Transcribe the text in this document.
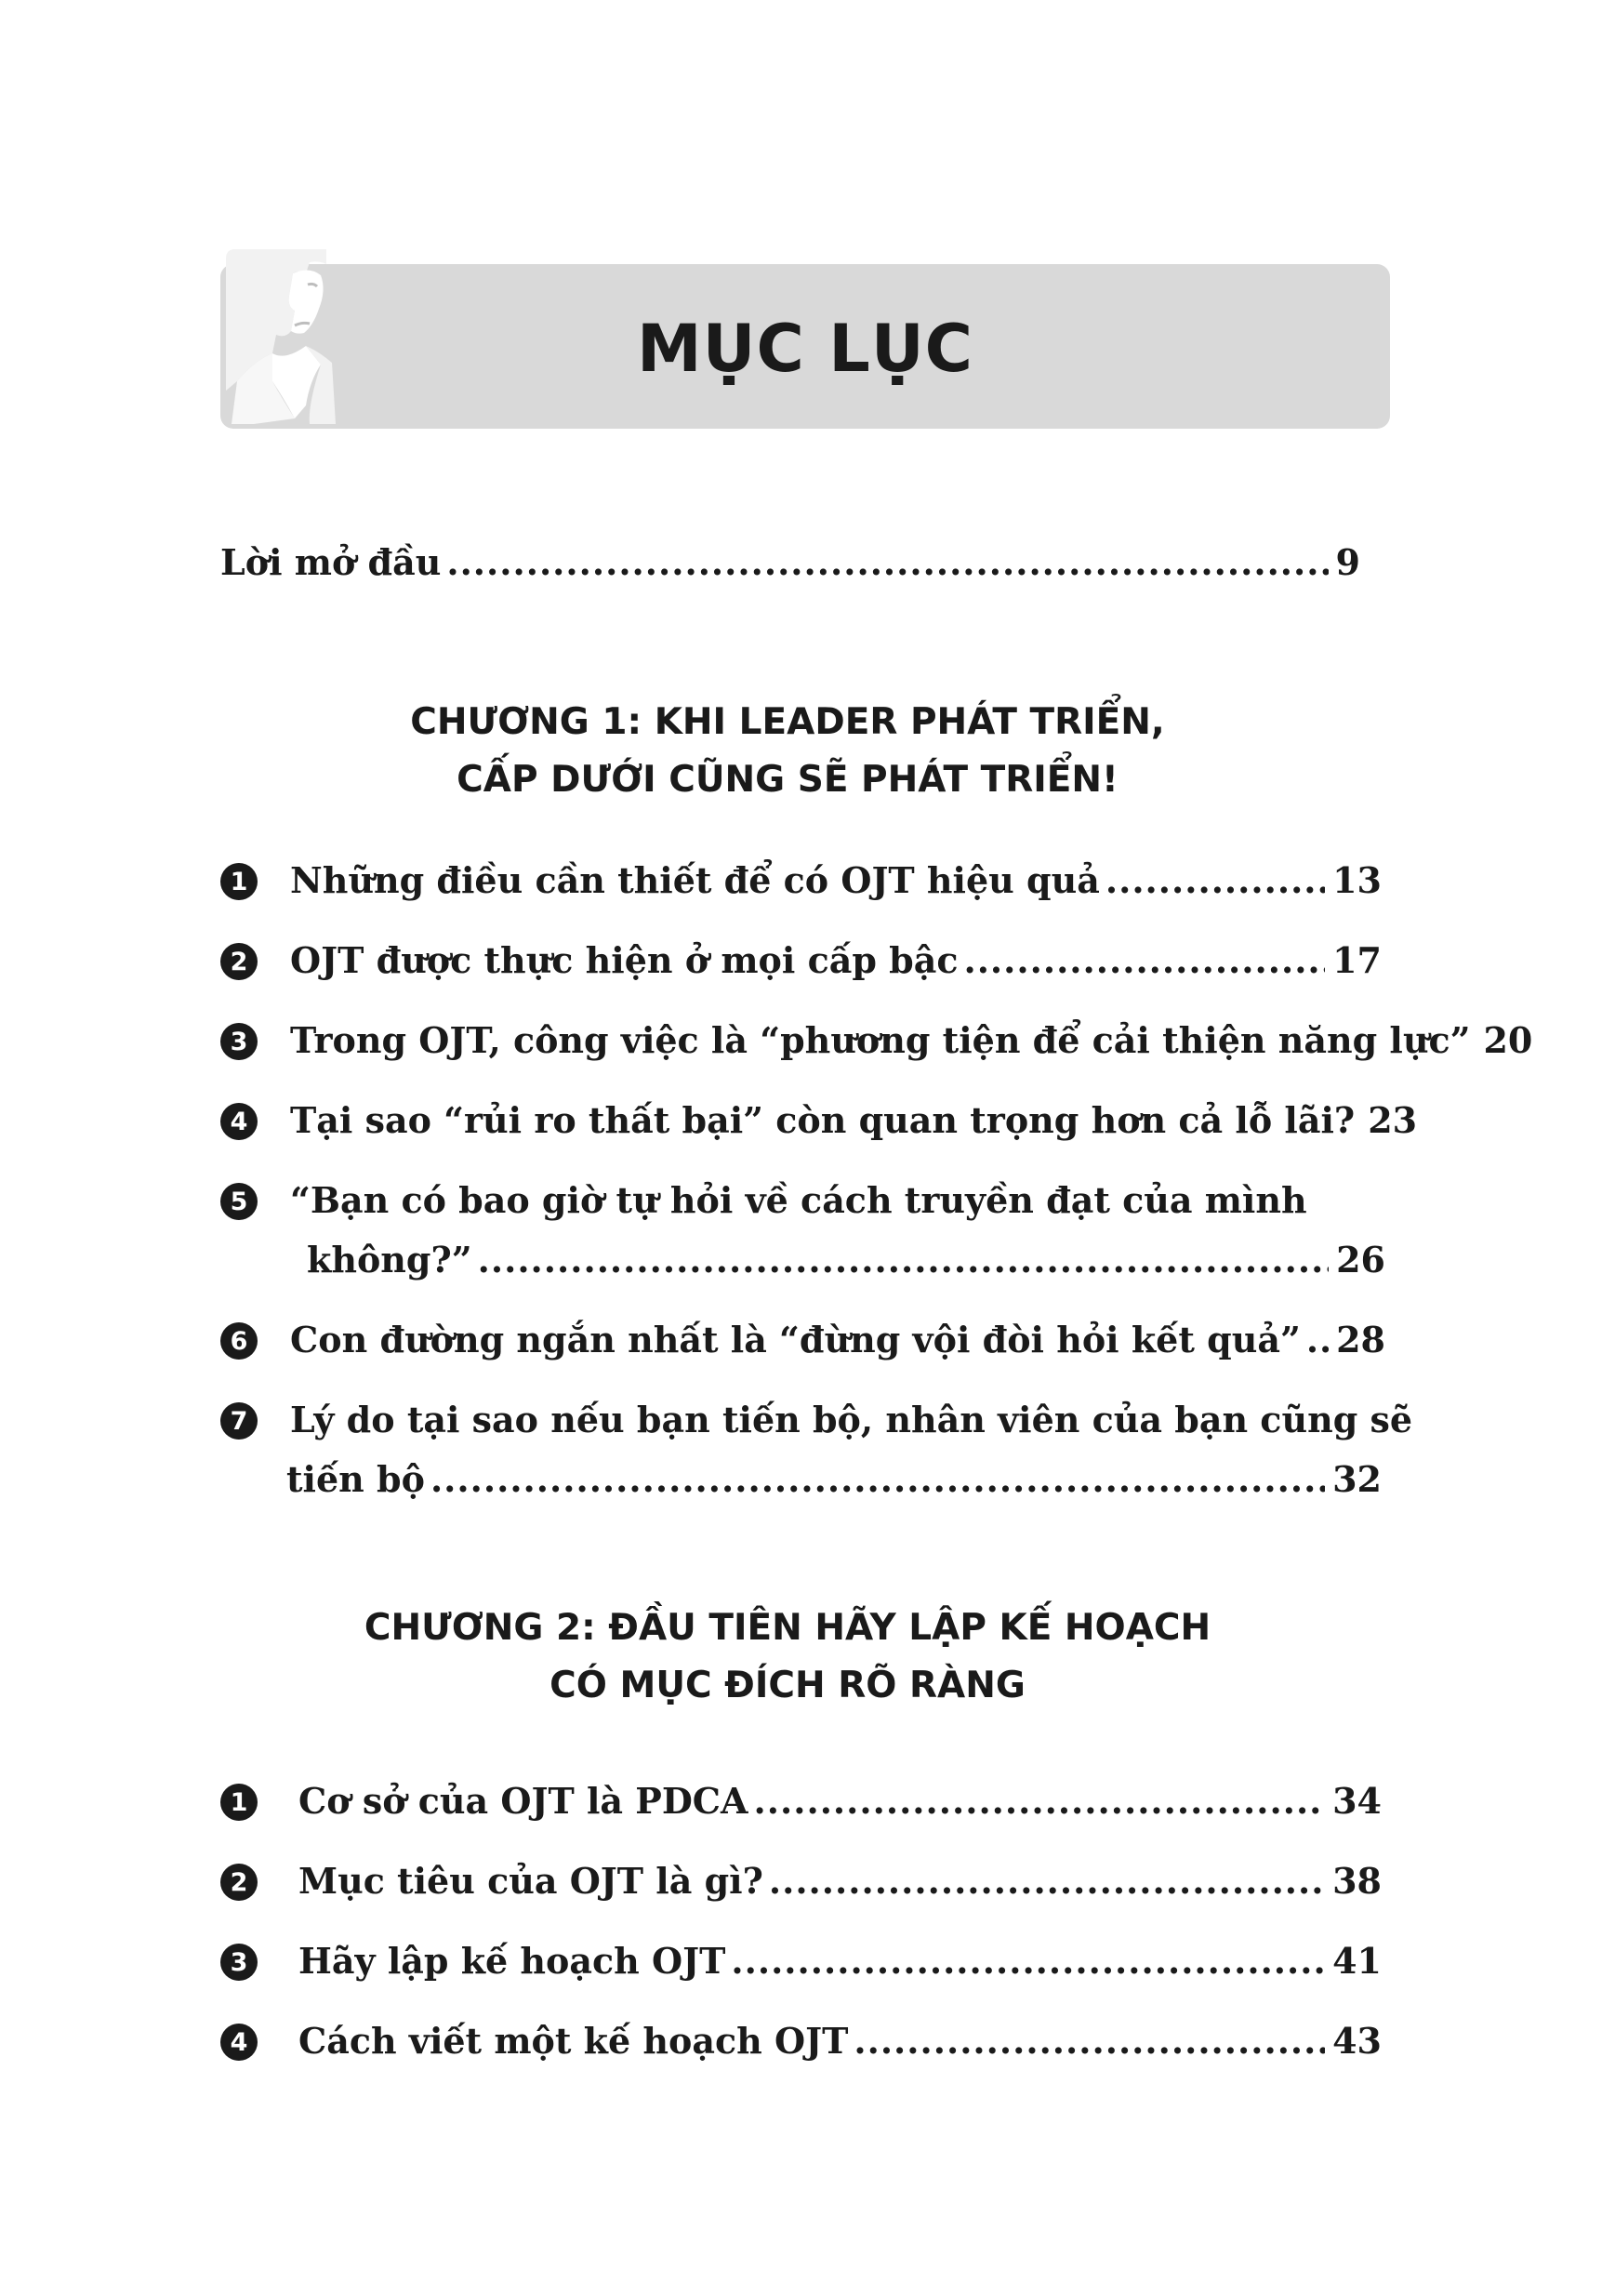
MỤC LỤC
Lời mở đầu .....	9
CHƯƠNG 1: KHI LEADER PHÁT TRIỂN,
CẤP DƯỚI CŨNG SẼ PHÁT TRIỂN!
1 Những điều cần thiết để có OJT hiệu quả .....	13
2 OJT được thực hiện ở mọi cấp bậc .....	17
3 Trong OJT, công việc là “phương tiện để cải thiện năng lực” 20
4 Tại sao “rủi ro thất bại” còn quan trọng hơn cả lỗ lãi? 23
5 “Bạn có bao giờ tự hỏi về cách truyền đạt của mình
không?” .....	26
6 Con đường ngắn nhất là “đừng vội đòi hỏi kết quả” ..... 28
7 Lý do tại sao nếu bạn tiến bộ, nhân viên của bạn cũng sẽ
tiến bộ .....	32
CHƯƠNG 2: ĐẦU TIÊN HÃY LẬP KẾ HOẠCH
CÓ MỤC ĐÍCH RÕ RÀNG
1 Cơ sở của OJT là PDCA .....	34
2 Mục tiêu của OJT là gì? .....	38
3 Hãy lập kế hoạch OJT .....	41
4 Cách viết một kế hoạch OJT .....	43
